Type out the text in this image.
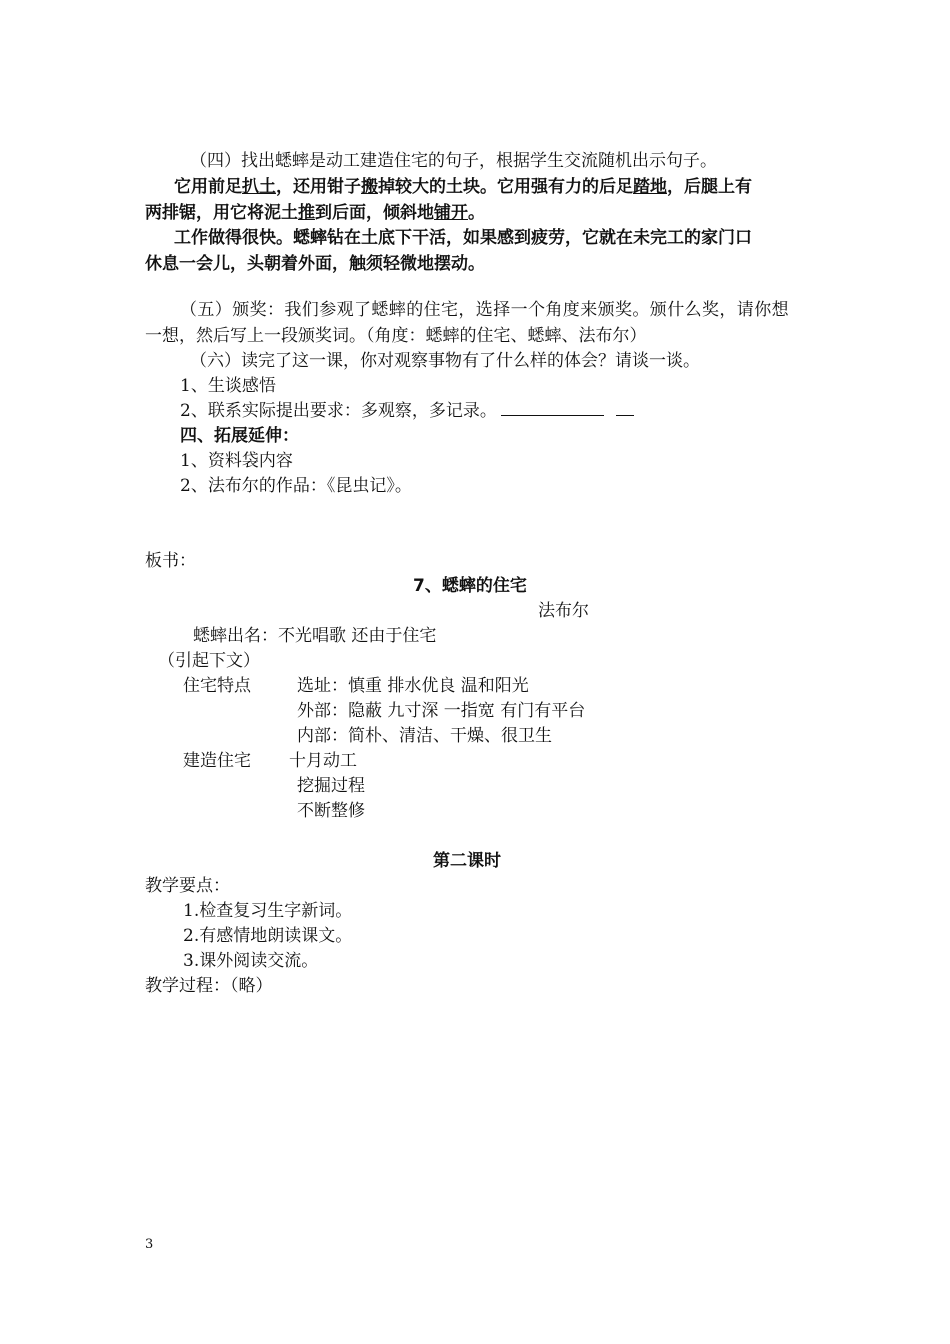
（四）找出蟋蟀是动工建造住宅的句子，根据学生交流随机出示句子。
它用前足扒土，还用钳子搬掉较大的土块。它用强有力的后足踏地，后腿上有
两排锯，用它将泥土推到后面，倾斜地铺开。
工作做得很快。蟋蟀钻在土底下干活，如果感到疲劳，它就在未完工的家门口
休息一会儿，头朝着外面，触须轻微地摆动。
（五）颁奖：我们参观了蟋蟀的住宅，选择一个角度来颁奖。颁什么奖，请你想
一想，然后写上一段颁奖词。（角度：蟋蟀的住宅、蟋蟀、法布尔）
（六）读完了这一课，你对观察事物有了什么样的体会？请谈一谈。
1、生谈感悟
2、联系实际提出要求：多观察，多记录。
四、拓展延伸：
1、资料袋内容
2、法布尔的作品：《昆虫记》。
板书：
7、蟋蟀的住宅
法布尔
蟋蟀出名：不光唱歌 还由于住宅
（引起下文）
住宅特点	选址：慎重 排水优良 温和阳光
外部：隐蔽 九寸深 一指宽 有门有平台
内部：简朴、清洁、干燥、很卫生
建造住宅 十月动工
挖掘过程
不断整修
第二课时
教学要点：
1.检查复习生字新词。
2.有感情地朗读课文。
3.课外阅读交流。
教学过程：（略）
3
